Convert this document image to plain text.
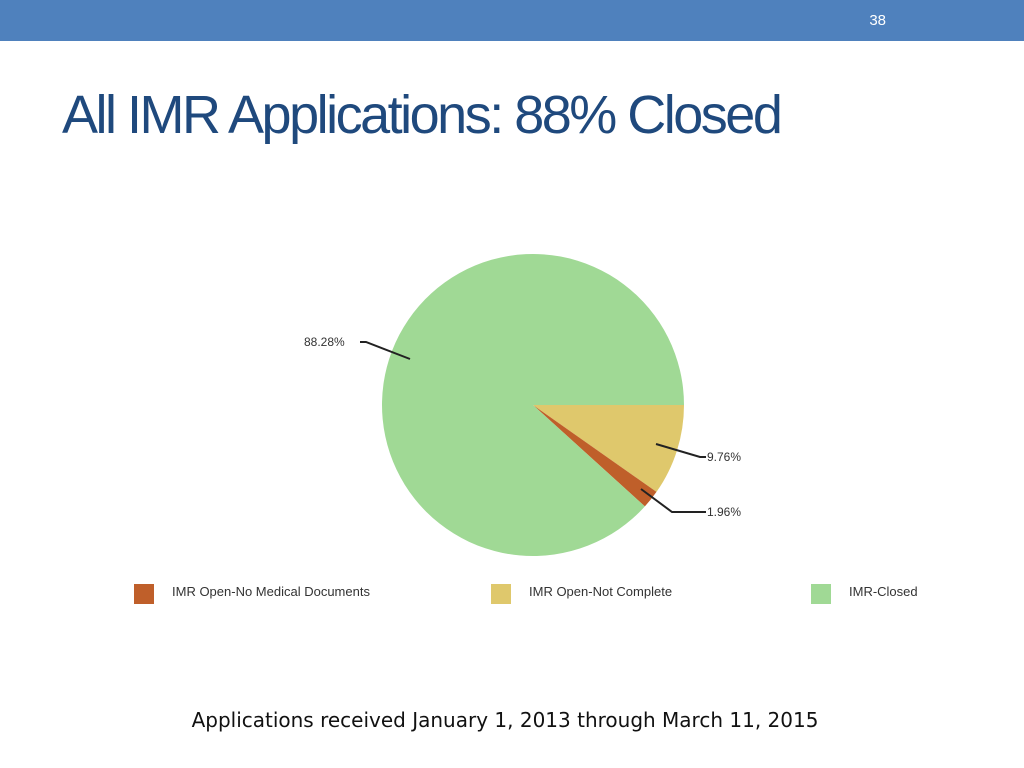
38
All IMR Applications: 88% Closed
88.28%
9.76%
1.96%
IMR Open-No Medical Documents	IMR Open-Not Complete	IMR-Closed
Applications received January 1, 2013 through March 11, 2015
